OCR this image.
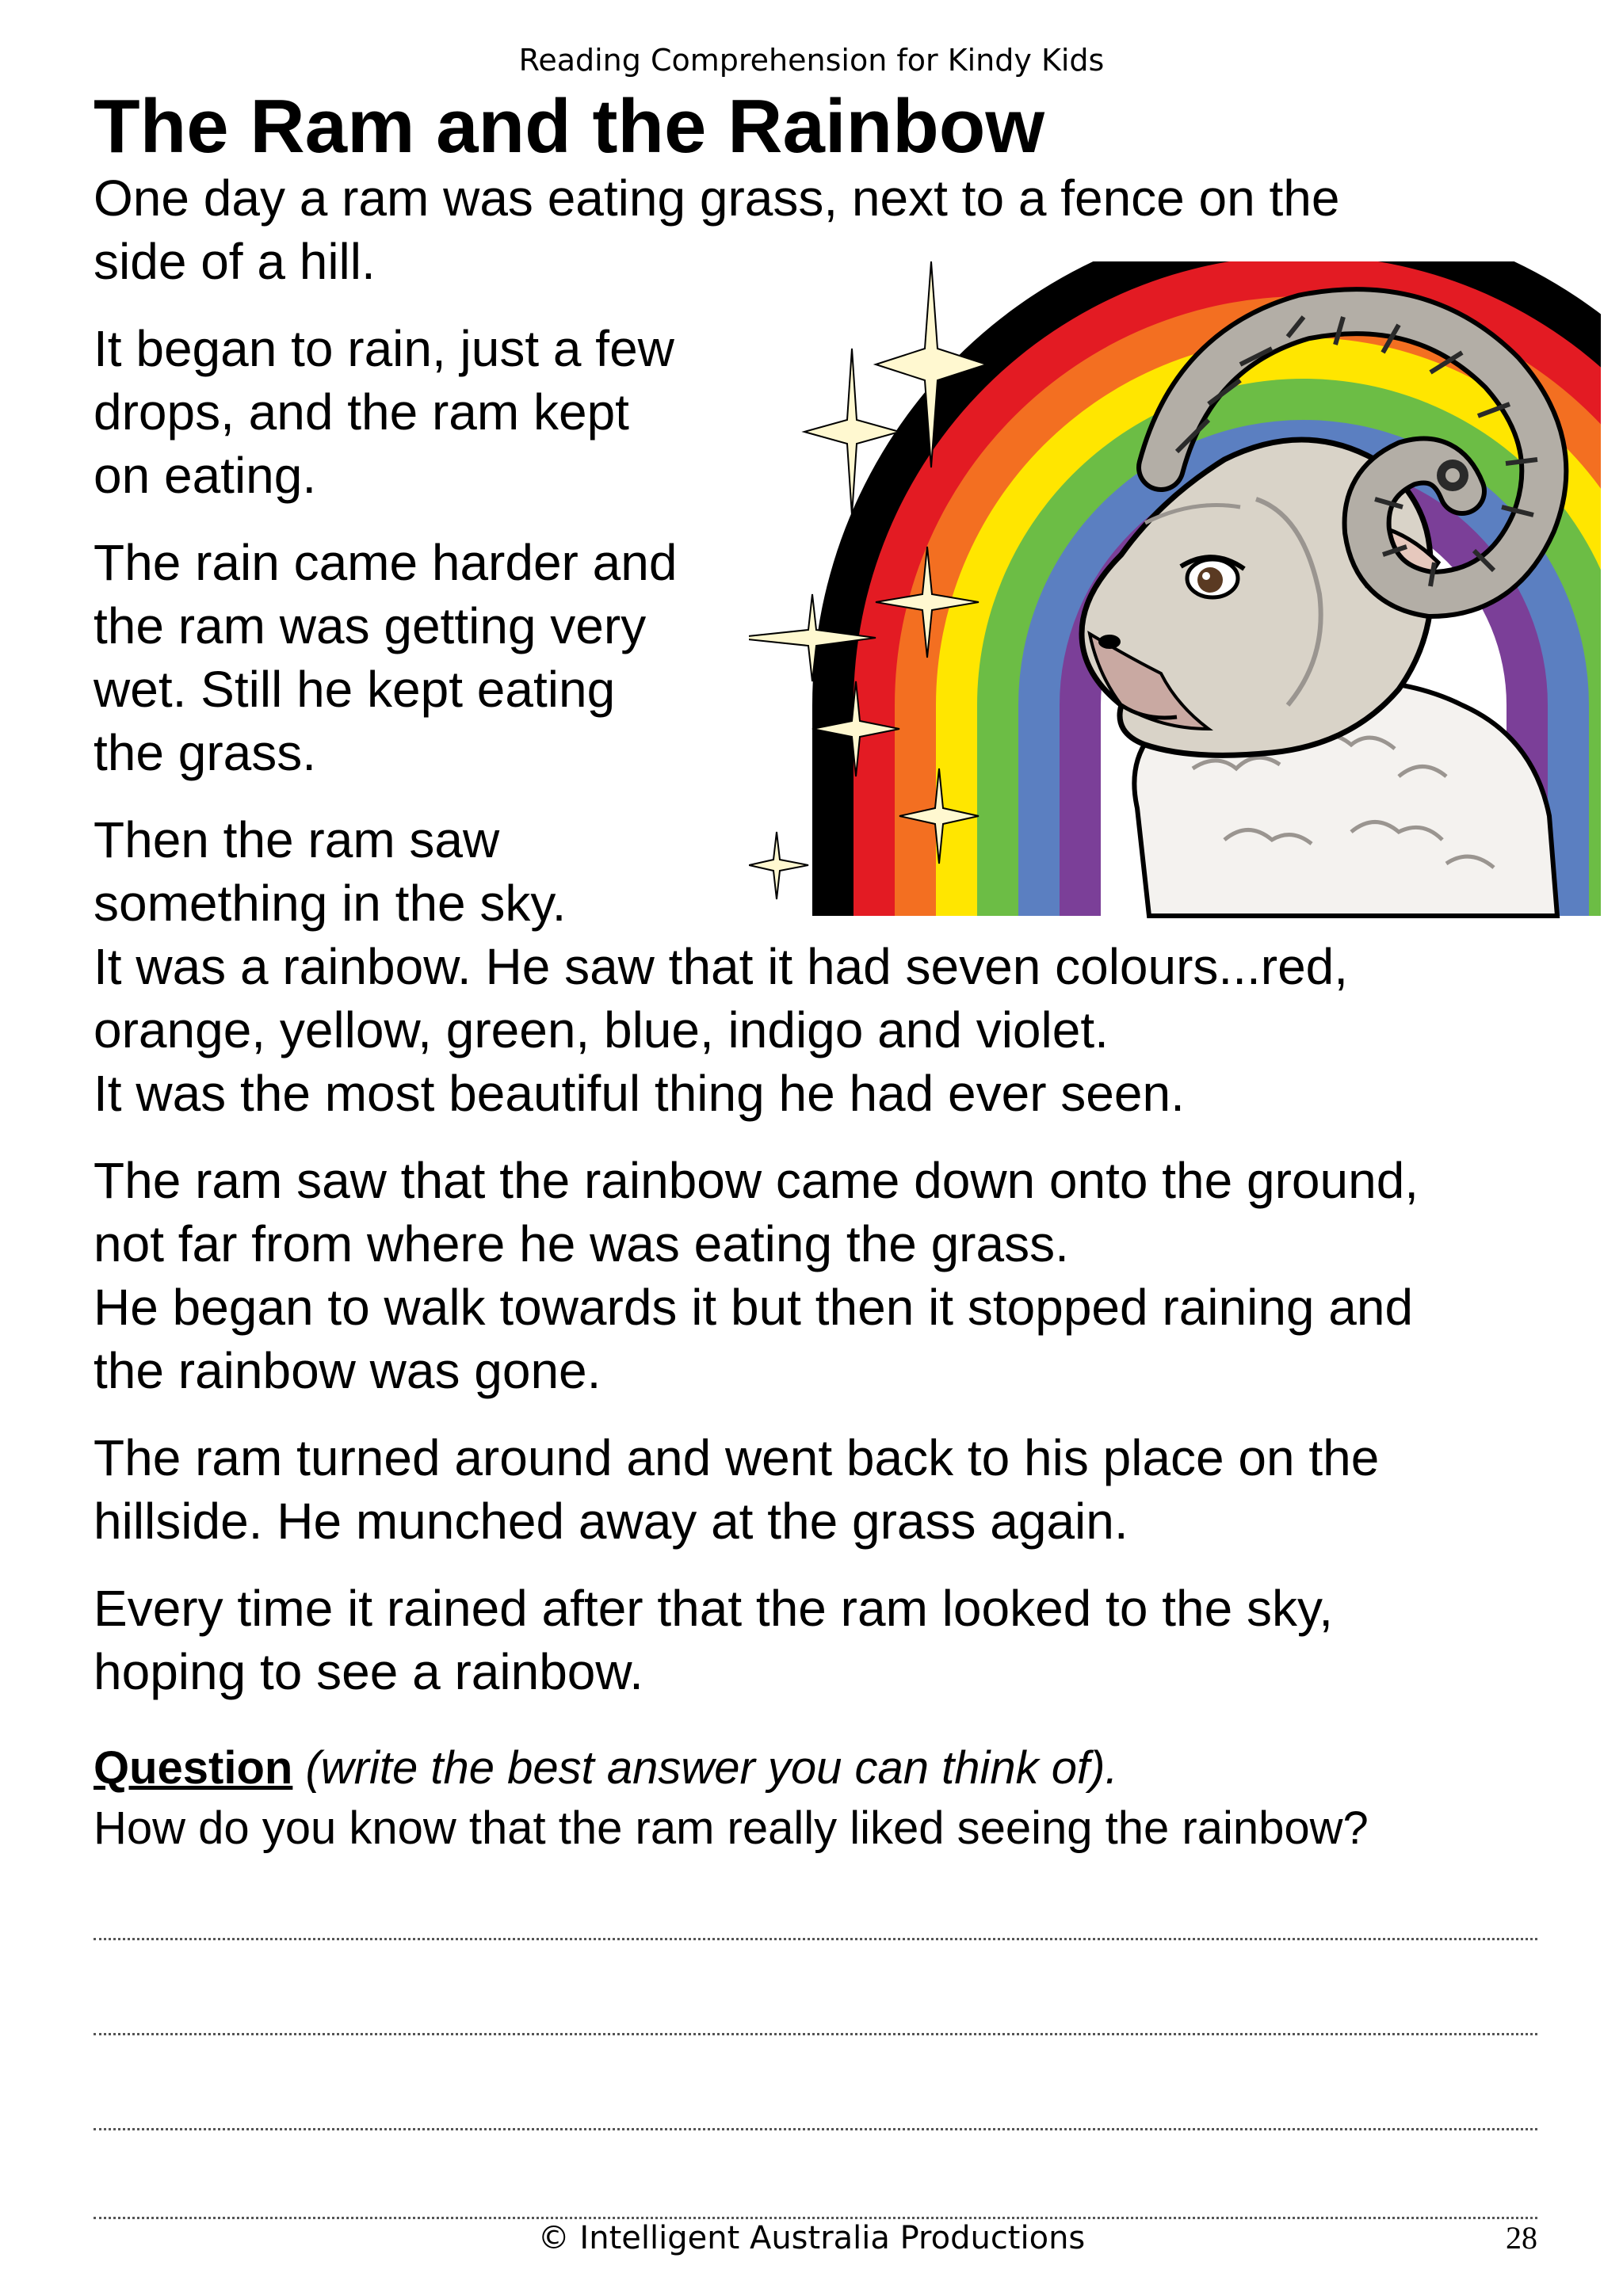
Reading Comprehension for Kindy Kids
The Ram and the Rainbow
One day a ram was eating grass, next to a fence on the
side of a hill.
It began to rain, just a few
drops, and the ram kept
on eating.
The rain came harder and
the ram was getting very
wet. Still he kept eating
the grass.
Then the ram saw
something in the sky.
It was a rainbow. He saw that it had seven colours...red,
orange, yellow, green, blue, indigo and violet.
It was the most beautiful thing he had ever seen.
The ram saw that the rainbow came down onto the ground,
not far from where he was eating the grass.
He began to walk towards it but then it stopped raining and
the rainbow was gone.
The ram turned around and went back to his place on the
hillside. He munched away at the grass again.
Every time it rained after that the ram looked to the sky,
hoping to see a rainbow.
Question (write the best answer you can think of).
How do you know that the ram really liked seeing the rainbow?
© Intelligent Australia Productions	28
